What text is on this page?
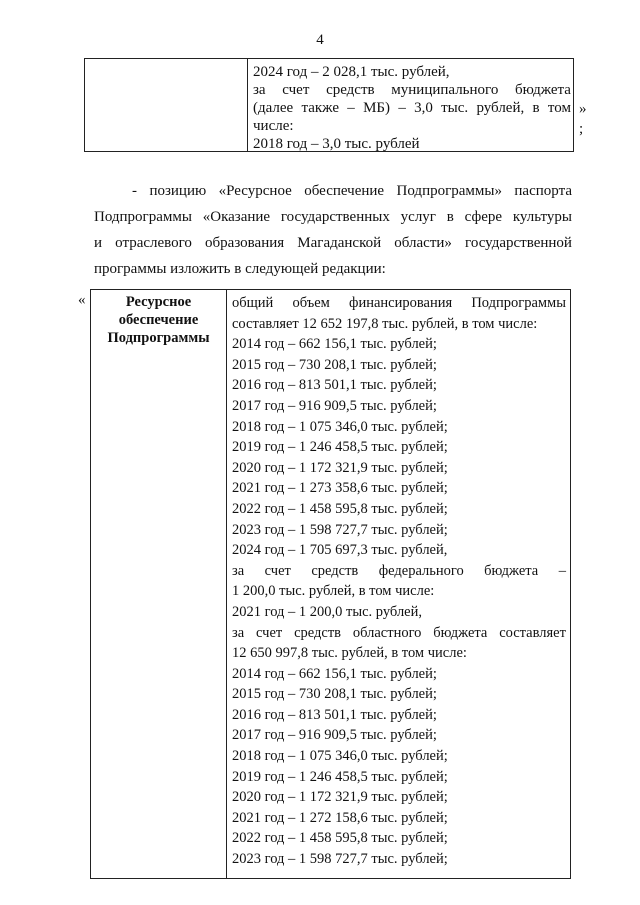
4
2024 год – 2 028,1 тыс. рублей,
за счет средств муниципального бюджета
(далее также – МБ) – 3,0 тыс. рублей, в том
числе:
2018 год – 3,0 тыс. рублей
»
;
- позицию «Ресурсное обеспечение Подпрограммы» паспорта
Подпрограммы «Оказание государственных услуг в сфере культуры
и отраслевого образования Магаданской области» государственной
программы изложить в следующей редакции:
«	Ресурсное
обеспечение
Подпрограммы
общий объем финансирования Подпрограммы
составляет 12 652 197,8 тыс. рублей, в том числе:
2014 год – 662 156,1 тыс. рублей;
2015 год – 730 208,1 тыс. рублей;
2016 год – 813 501,1 тыс. рублей;
2017 год – 916 909,5 тыс. рублей;
2018 год – 1 075 346,0 тыс. рублей;
2019 год – 1 246 458,5 тыс. рублей;
2020 год – 1 172 321,9 тыс. рублей;
2021 год – 1 273 358,6 тыс. рублей;
2022 год – 1 458 595,8 тыс. рублей;
2023 год – 1 598 727,7 тыс. рублей;
2024 год – 1 705 697,3 тыс. рублей,
за счет средств федерального бюджета –
1 200,0 тыс. рублей, в том числе:
2021 год – 1 200,0 тыс. рублей,
за счет средств областного бюджета составляет
12 650 997,8 тыс. рублей, в том числе:
2014 год – 662 156,1 тыс. рублей;
2015 год – 730 208,1 тыс. рублей;
2016 год – 813 501,1 тыс. рублей;
2017 год – 916 909,5 тыс. рублей;
2018 год – 1 075 346,0 тыс. рублей;
2019 год – 1 246 458,5 тыс. рублей;
2020 год – 1 172 321,9 тыс. рублей;
2021 год – 1 272 158,6 тыс. рублей;
2022 год – 1 458 595,8 тыс. рублей;
2023 год – 1 598 727,7 тыс. рублей;
